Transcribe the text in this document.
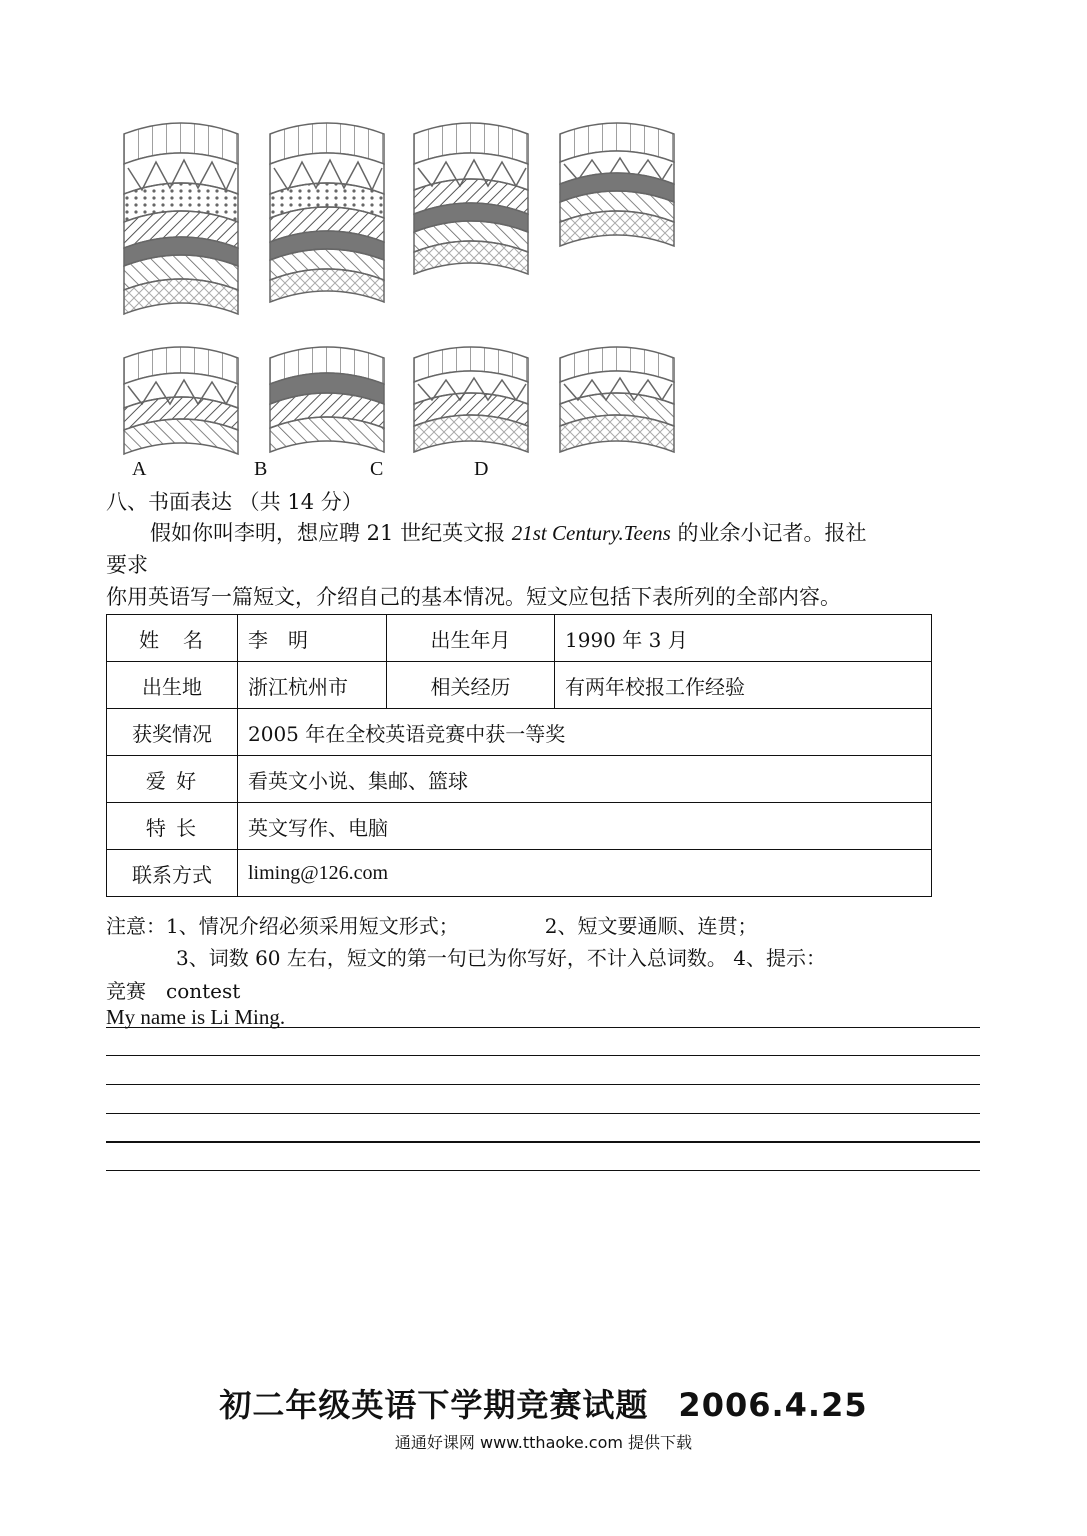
A	B	C	D
八、书面表达 （共 14 分）
假如你叫李明，想应聘 21 世纪英文报 21st Century.Teens 的业余小记者。报社
要求
你用英语写一篇短文，介绍自己的基本情况。短文应包括下表所列的全部内容。
姓　名	李　明	出生年月	1990 年 3 月
出生地	浙江杭州市	相关经历	有两年校报工作经验
获奖情况	2005 年在全校英语竞赛中获一等奖		
爱 好	看英文小说、集邮、篮球		
特 长	英文写作、电脑		
联系方式	liming@126.com		
注意：1、情况介绍必须采用短文形式；	2、短文要通顺、连贯；
3、词数 60 左右，短文的第一句已为你写好，不计入总词数。 4、提示：
竞赛　contest
My name is Li Ming.
初二年级英语下学期竞赛试题 2006.4.25
通通好课网 www.tthaoke.com 提供下载
